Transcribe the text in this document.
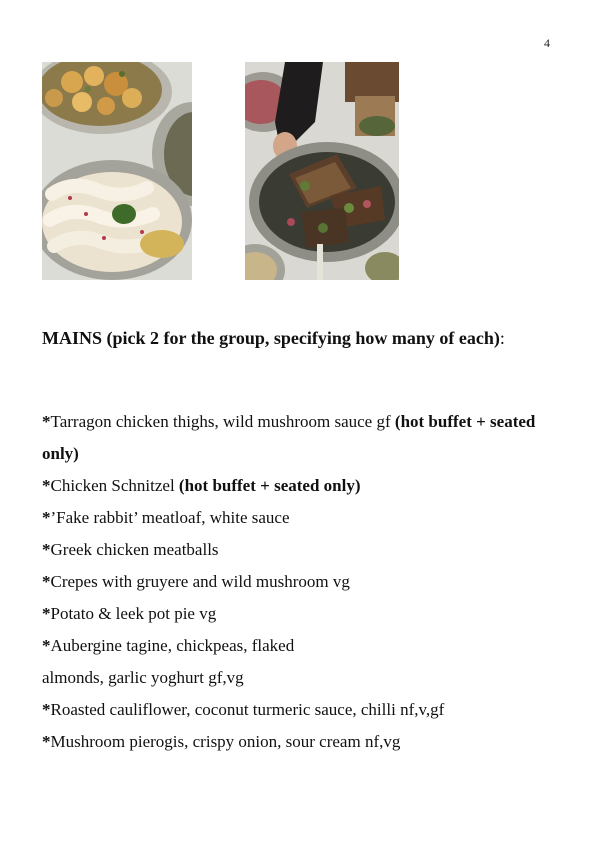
4
MAINS (pick 2 for the group, specifying how many of each):
*Tarragon chicken thighs, wild mushroom sauce gf (hot buffet + seated only)
*Chicken Schnitzel (hot buffet + seated only)
*’Fake rabbit’ meatloaf, white sauce
*Greek chicken meatballs
*Crepes with gruyere and wild mushroom vg
*Potato & leek pot pie vg
*Aubergine tagine, chickpeas, flaked
almonds, garlic yoghurt gf,vg
*Roasted cauliflower, coconut turmeric sauce, chilli nf,v,gf
*Mushroom pierogis, crispy onion, sour cream nf,vg
